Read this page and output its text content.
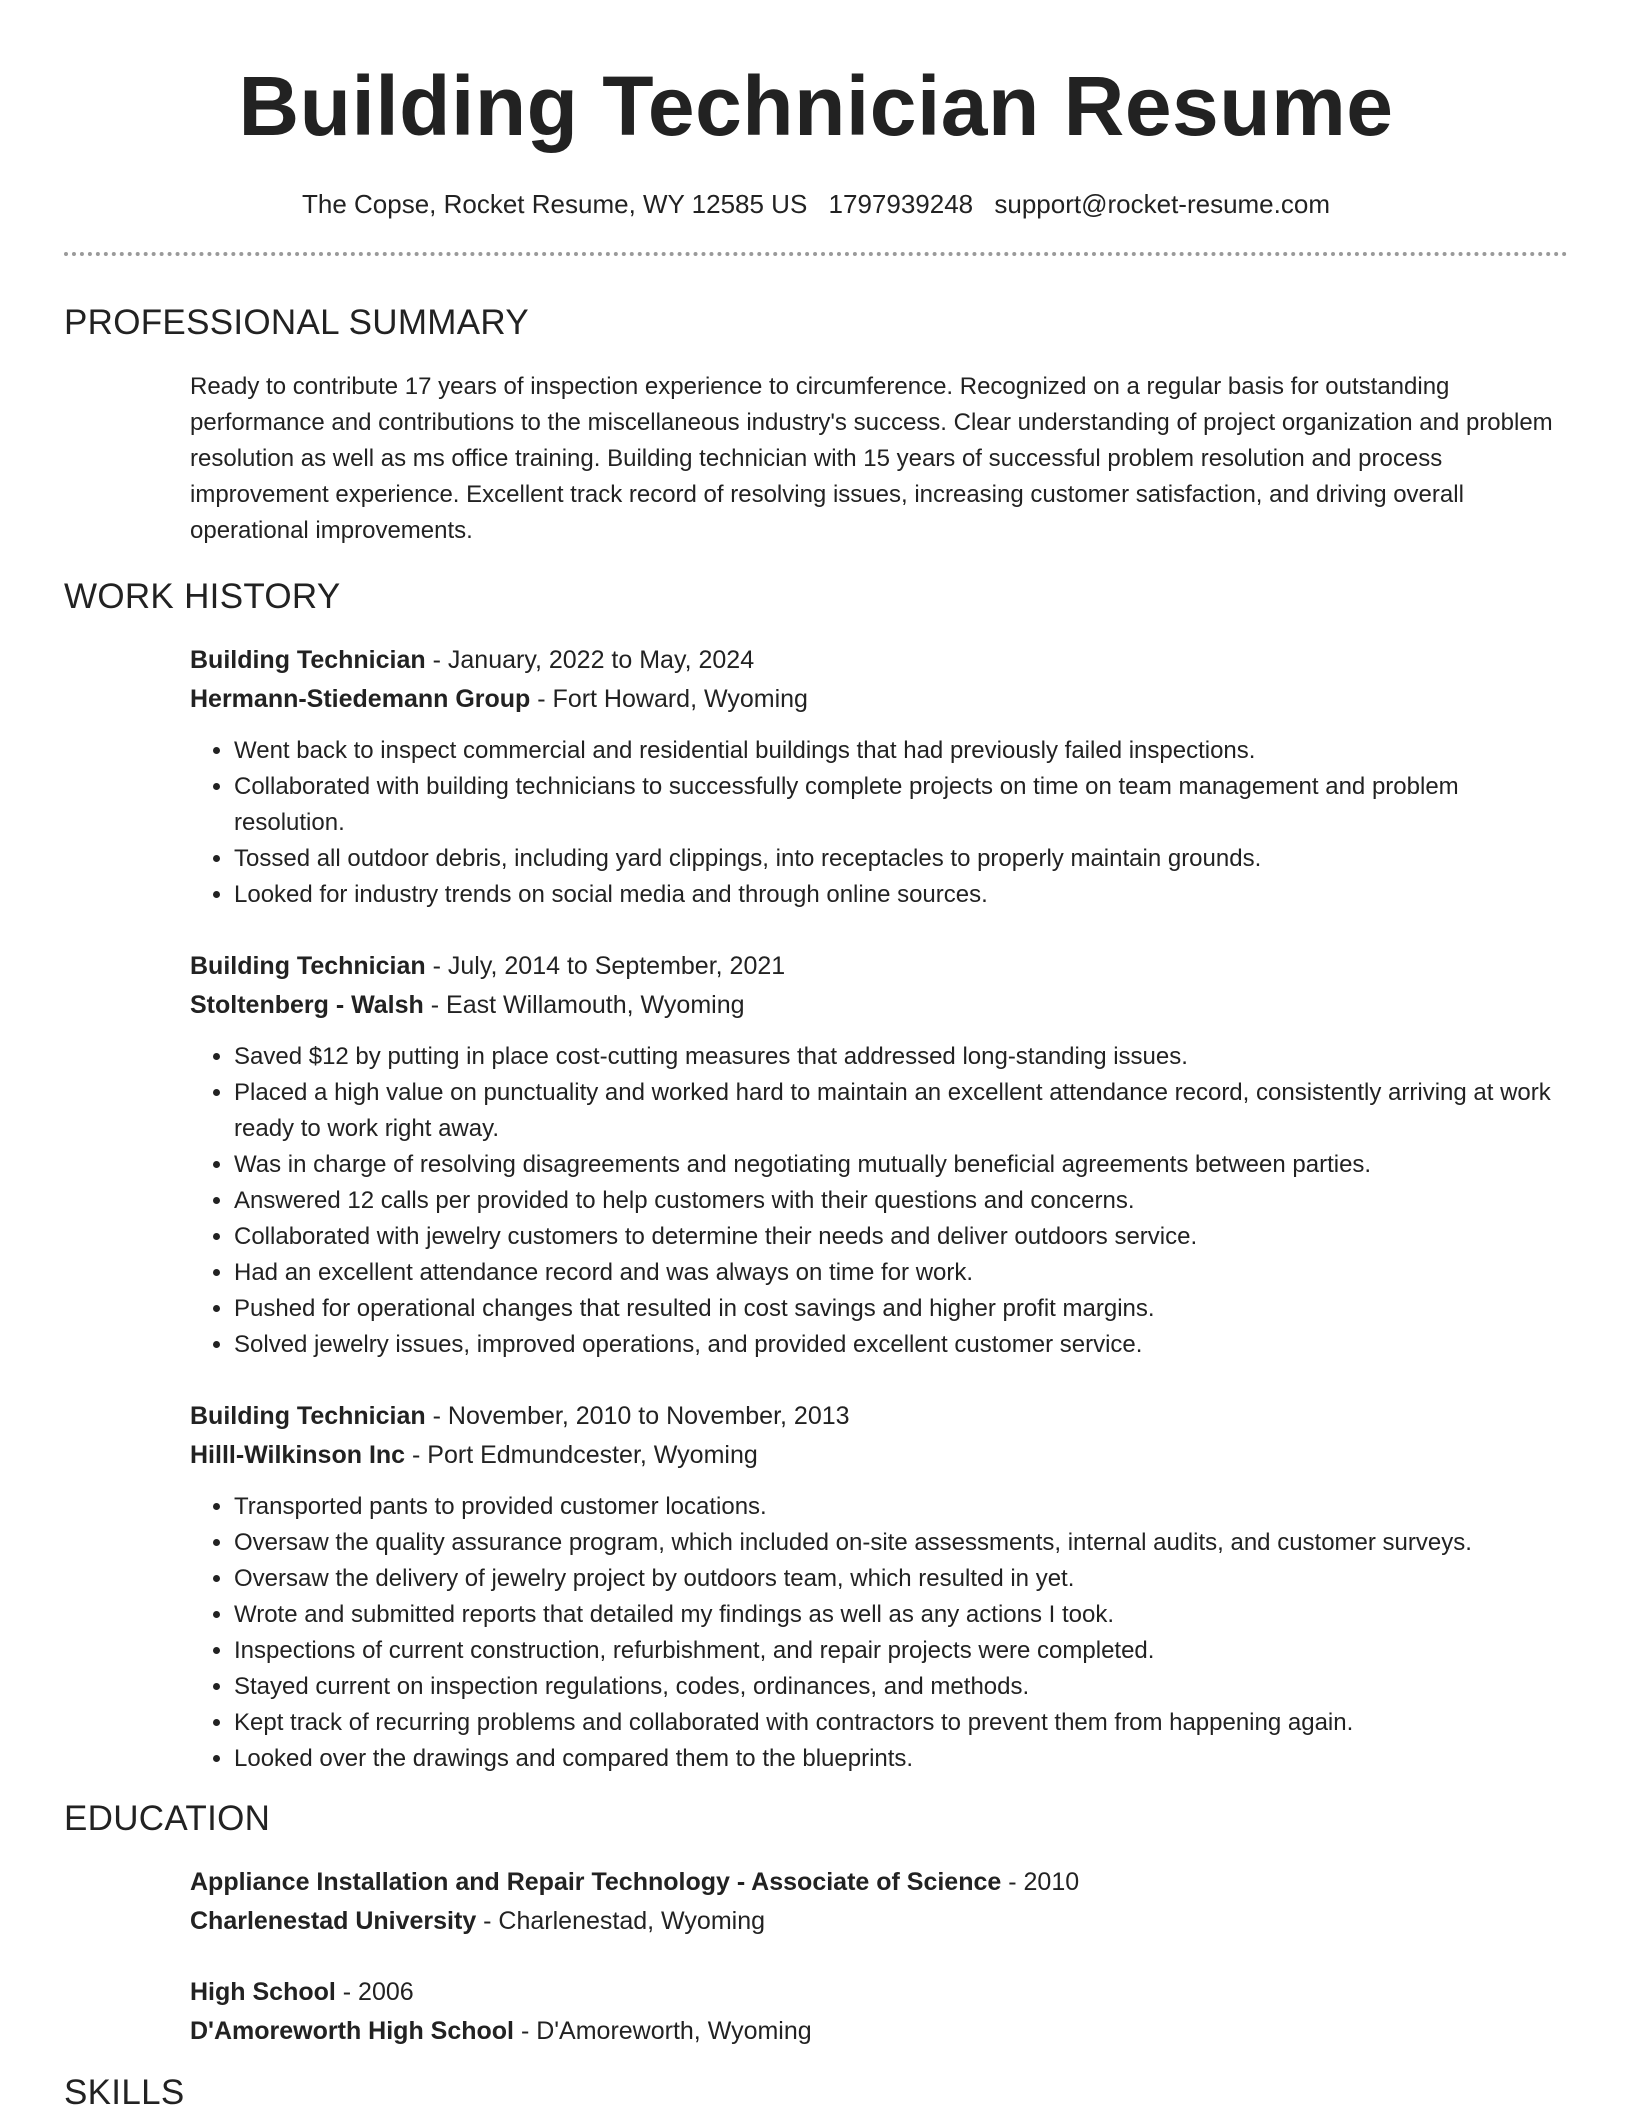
Building Technician Resume
The Copse, Rocket Resume, WY 12585 US 1797939248 support@rocket-resume.com
PROFESSIONAL SUMMARY
Ready to contribute 17 years of inspection experience to circumference. Recognized on a regular basis for outstanding performance and contributions to the miscellaneous industry's success. Clear understanding of project organization and problem resolution as well as ms office training. Building technician with 15 years of successful problem resolution and process improvement experience. Excellent track record of resolving issues, increasing customer satisfaction, and driving overall operational improvements.
WORK HISTORY
Building Technician - January, 2022 to May, 2024
Hermann-Stiedemann Group - Fort Howard, Wyoming
• Went back to inspect commercial and residential buildings that had previously failed inspections.
• Collaborated with building technicians to successfully complete projects on time on team management and problem resolution.
• Tossed all outdoor debris, including yard clippings, into receptacles to properly maintain grounds.
• Looked for industry trends on social media and through online sources.
Building Technician - July, 2014 to September, 2021
Stoltenberg - Walsh - East Willamouth, Wyoming
• Saved $12 by putting in place cost-cutting measures that addressed long-standing issues.
• Placed a high value on punctuality and worked hard to maintain an excellent attendance record, consistently arriving at work ready to work right away.
• Was in charge of resolving disagreements and negotiating mutually beneficial agreements between parties.
• Answered 12 calls per provided to help customers with their questions and concerns.
• Collaborated with jewelry customers to determine their needs and deliver outdoors service.
• Had an excellent attendance record and was always on time for work.
• Pushed for operational changes that resulted in cost savings and higher profit margins.
• Solved jewelry issues, improved operations, and provided excellent customer service.
Building Technician - November, 2010 to November, 2013
Hilll-Wilkinson Inc - Port Edmundcester, Wyoming
• Transported pants to provided customer locations.
• Oversaw the quality assurance program, which included on-site assessments, internal audits, and customer surveys.
• Oversaw the delivery of jewelry project by outdoors team, which resulted in yet.
• Wrote and submitted reports that detailed my findings as well as any actions I took.
• Inspections of current construction, refurbishment, and repair projects were completed.
• Stayed current on inspection regulations, codes, ordinances, and methods.
• Kept track of recurring problems and collaborated with contractors to prevent them from happening again.
• Looked over the drawings and compared them to the blueprints.
EDUCATION
Appliance Installation and Repair Technology - Associate of Science - 2010
Charlenestad University - Charlenestad, Wyoming
High School - 2006
D'Amoreworth High School - D'Amoreworth, Wyoming
SKILLS
